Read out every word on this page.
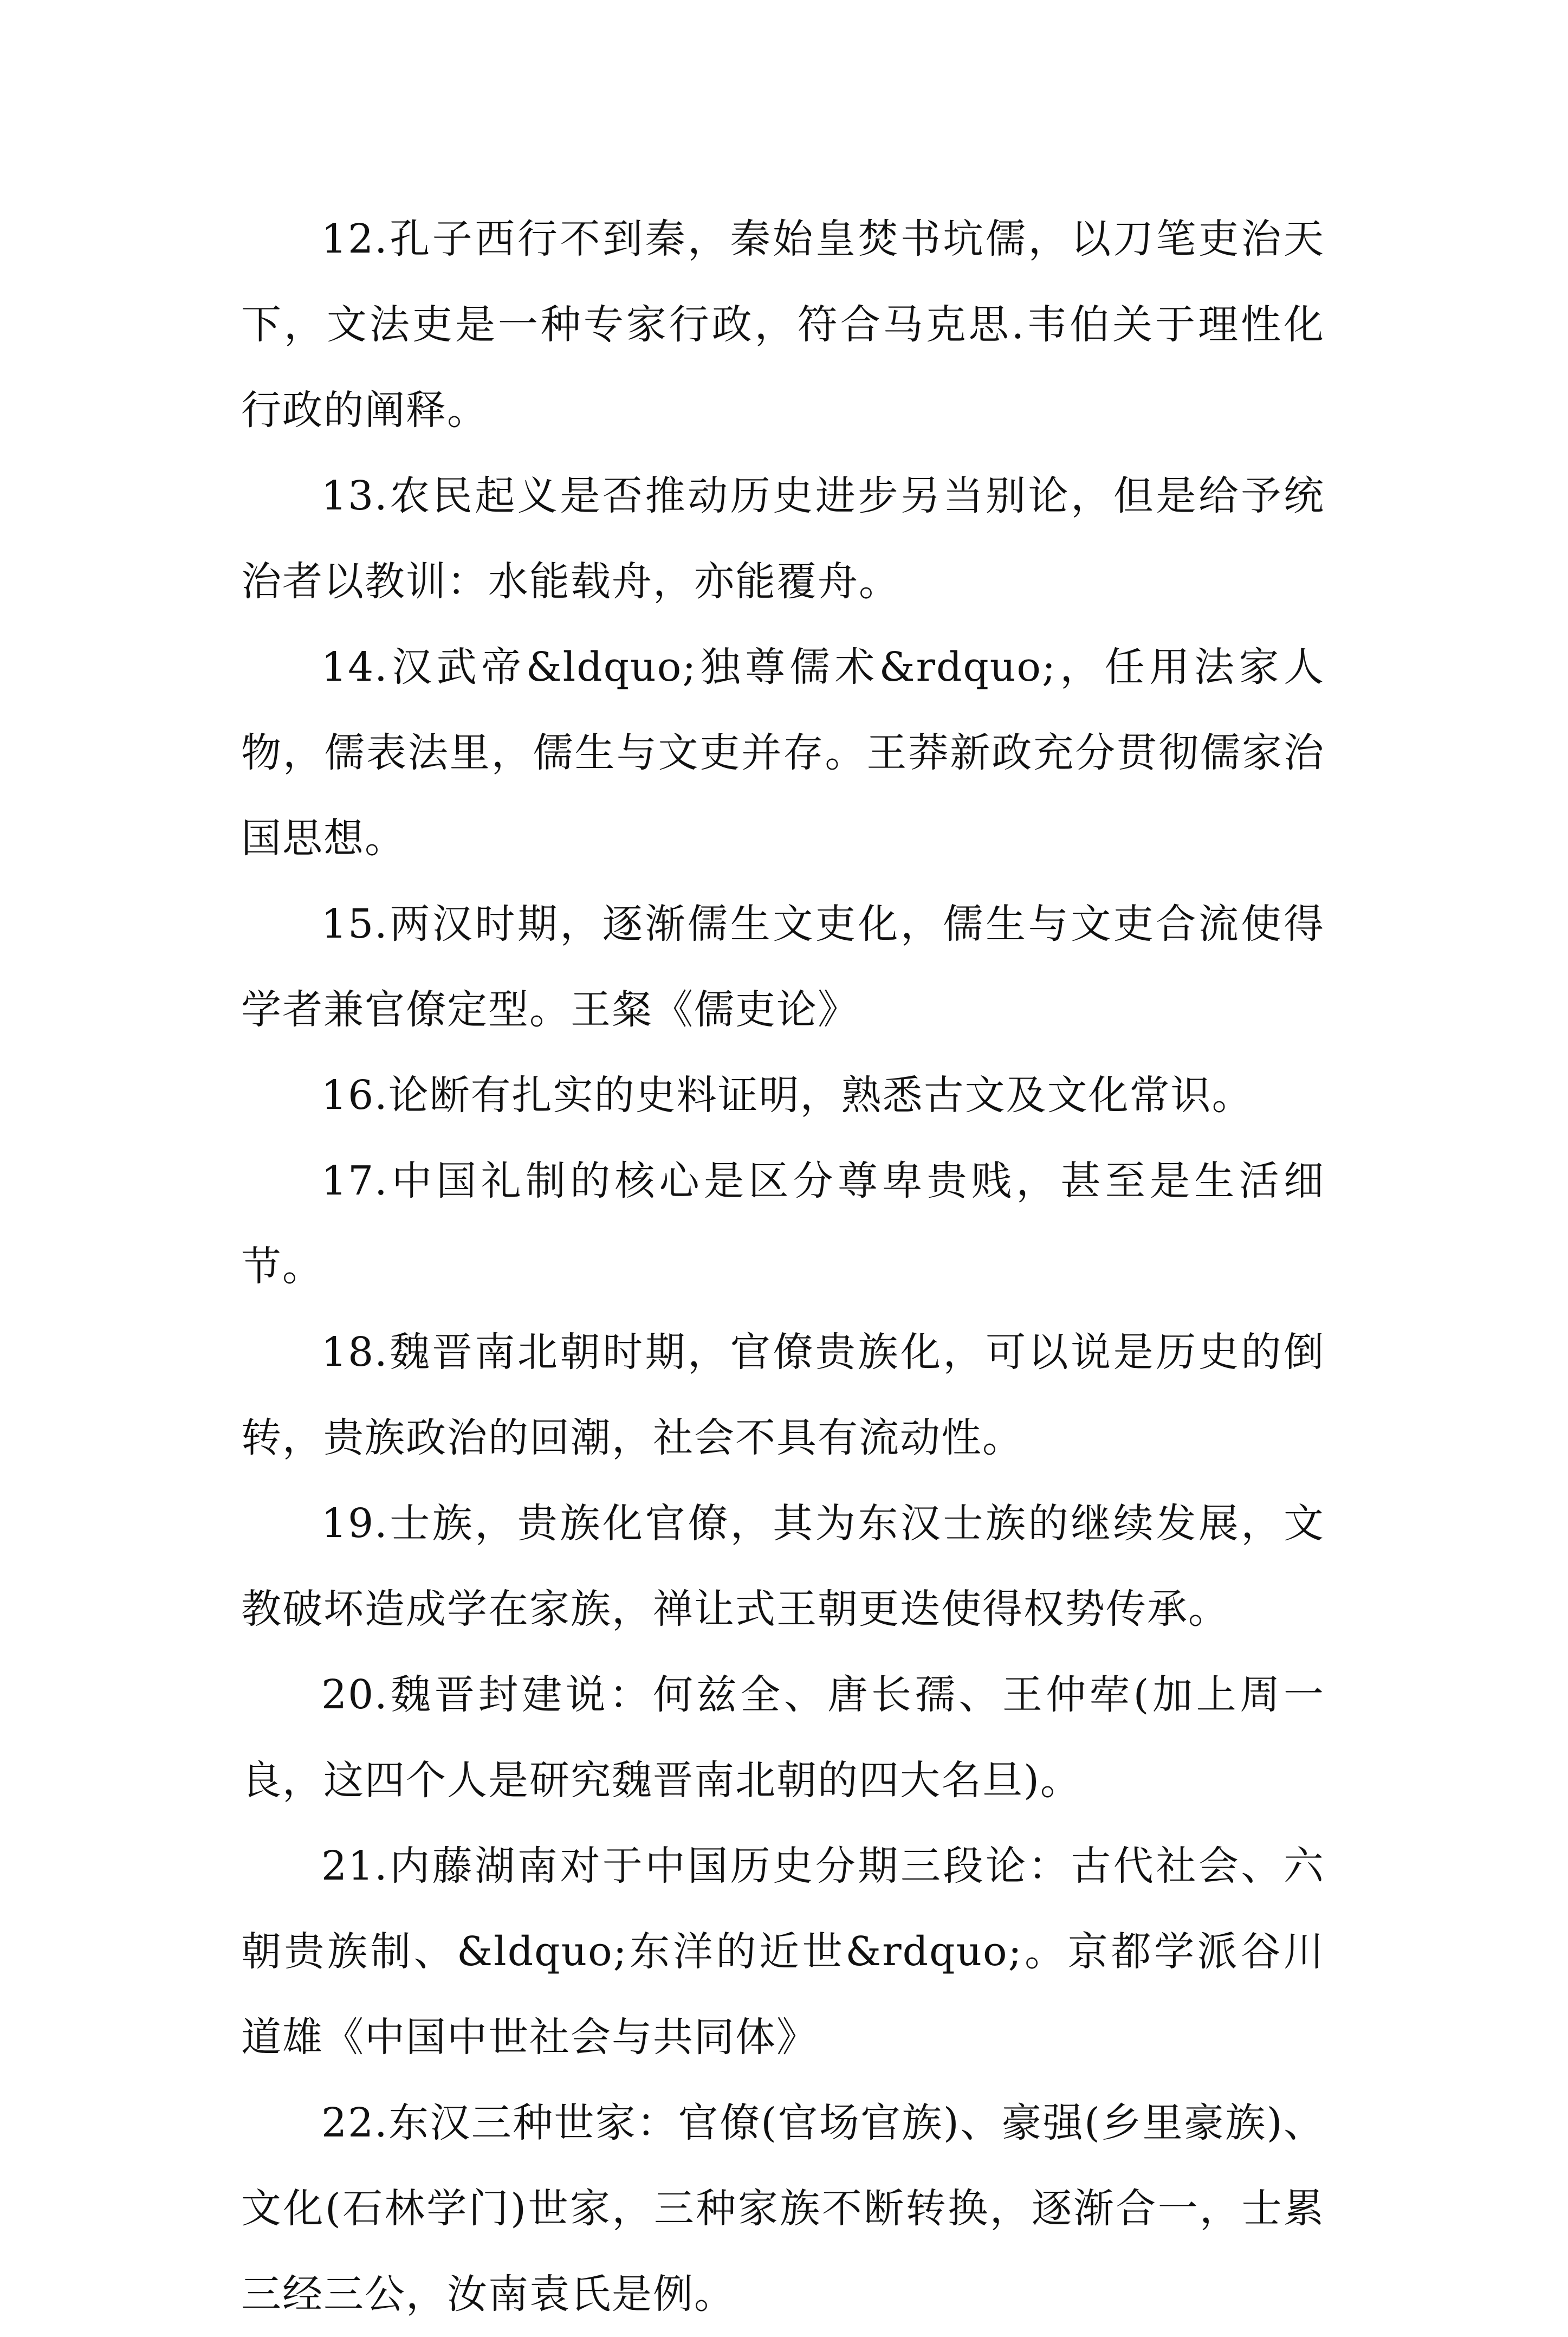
12.孔子西行不到秦，秦始皇焚书坑儒，以刀笔吏治天下，文法吏是一种专家行政，符合马克思.韦伯关于理性化行政的阐释。

13.农民起义是否推动历史进步另当别论，但是给予统治者以教训：水能载舟，亦能覆舟。

14.汉武帝&ldquo;独尊儒术&rdquo;，任用法家人物，儒表法里，儒生与文吏并存。王莽新政充分贯彻儒家治国思想。

15.两汉时期，逐渐儒生文吏化，儒生与文吏合流使得学者兼官僚定型。王粲《儒吏论》

16.论断有扎实的史料证明，熟悉古文及文化常识。

17.中国礼制的核心是区分尊卑贵贱，甚至是生活细节。

18.魏晋南北朝时期，官僚贵族化，可以说是历史的倒转，贵族政治的回潮，社会不具有流动性。

19.士族，贵族化官僚，其为东汉士族的继续发展，文教破坏造成学在家族，禅让式王朝更迭使得权势传承。

20.魏晋封建说：何兹全、唐长孺、王仲荦(加上周一良，这四个人是研究魏晋南北朝的四大名旦)。

21.内藤湖南对于中国历史分期三段论：古代社会、六朝贵族制、&ldquo;东洋的近世&rdquo;。京都学派谷川道雄《中国中世社会与共同体》

22.东汉三种世家：官僚(官场官族)、豪强(乡里豪族)、文化(石林学门)世家，三种家族不断转换，逐渐合一，士累三经三公，汝南袁氏是例。
